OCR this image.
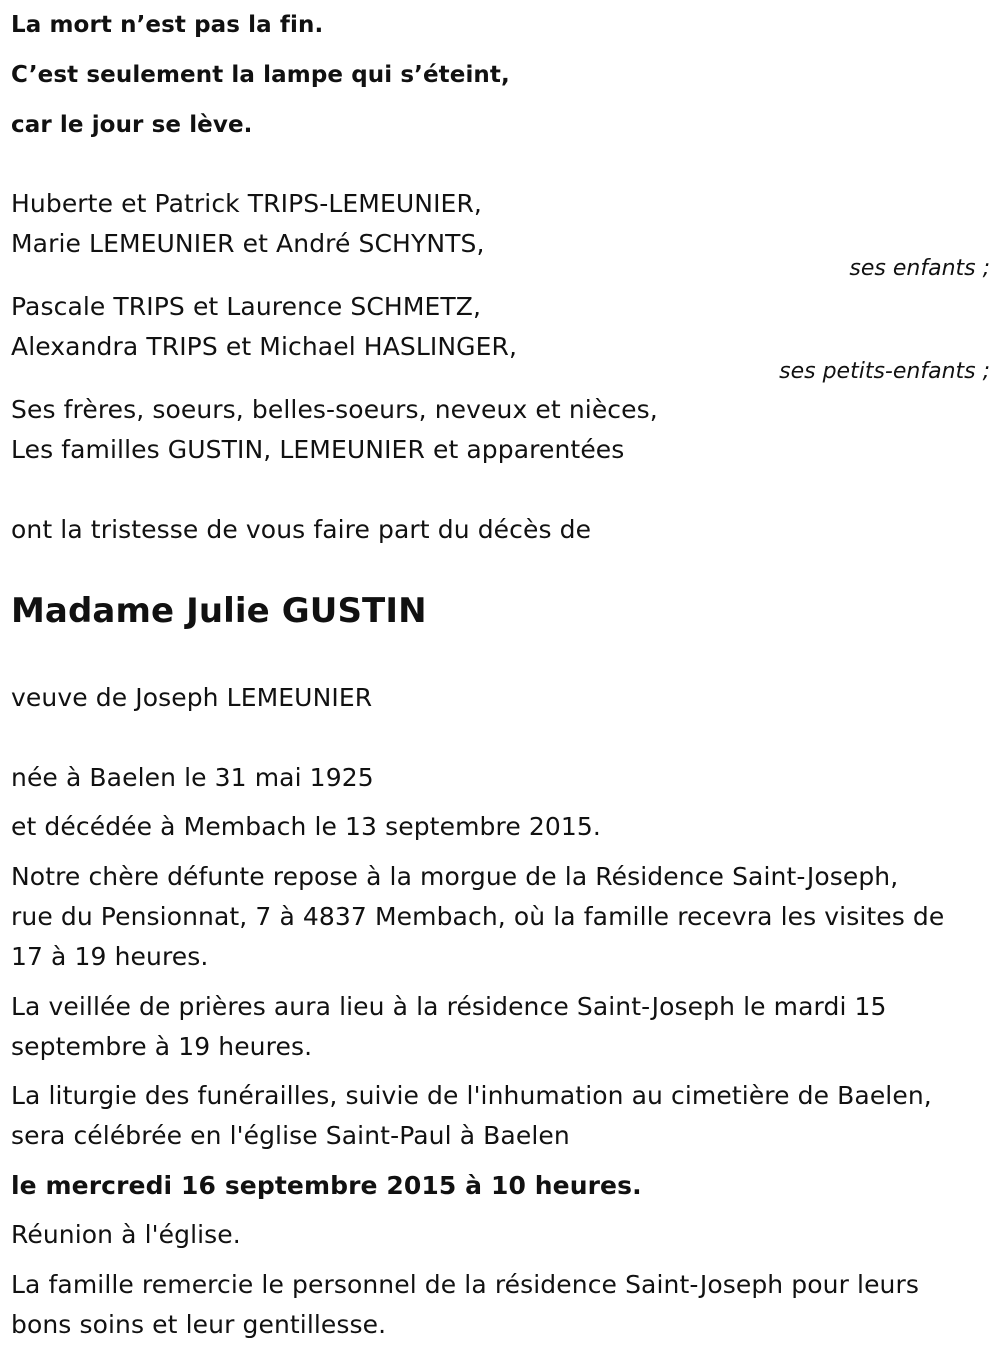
La mort n’est pas la fin.
C’est seulement la lampe qui s’éteint,
car le jour se lève.
Huberte et Patrick TRIPS-LEMEUNIER,
Marie LEMEUNIER et André SCHYNTS,
ses enfants ;
Pascale TRIPS et Laurence SCHMETZ,
Alexandra TRIPS et Michael HASLINGER,
ses petits-enfants ;
Ses frères, soeurs, belles-soeurs, neveux et nièces,
Les familles GUSTIN, LEMEUNIER et apparentées
ont la tristesse de vous faire part du décès de
Madame Julie GUSTIN
veuve de Joseph LEMEUNIER
née à Baelen le 31 mai 1925
et décédée à Membach le 13 septembre 2015.
Notre chère défunte repose à la morgue de la Résidence Saint-Joseph,
rue du Pensionnat, 7 à 4837 Membach, où la famille recevra les visites de
17 à 19 heures.
La veillée de prières aura lieu à la résidence Saint-Joseph le mardi 15
septembre à 19 heures.
La liturgie des funérailles, suivie de l'inhumation au cimetière de Baelen,
sera célébrée en l'église Saint-Paul à Baelen
le mercredi 16 septembre 2015 à 10 heures.
Réunion à l'église.
La famille remercie le personnel de la résidence Saint-Joseph pour leurs
bons soins et leur gentillesse.
